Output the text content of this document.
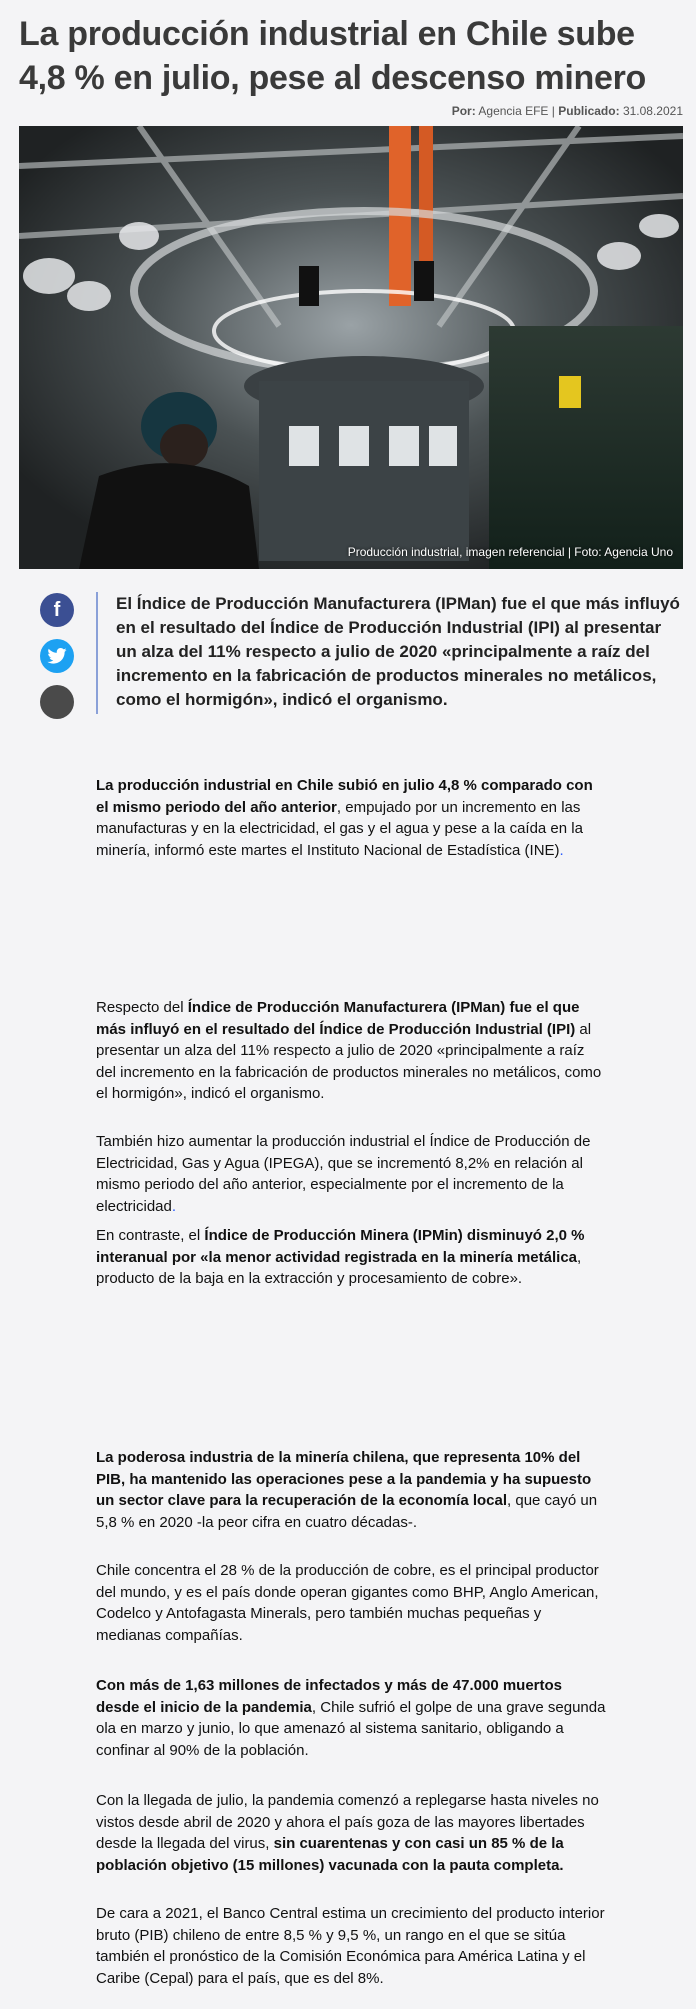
La producción industrial en Chile sube 4,8 % en julio, pese al descenso minero
Por: Agencia EFE | Publicado: 31.08.2021
Producción industrial, imagen referencial | Foto: Agencia Uno
f	El Índice de Producción Manufacturera (IPMan) fue el que más influyó en el resultado del Índice de Producción Industrial (IPI) al presentar un alza del 11% respecto a julio de 2020 «principalmente a raíz del incremento en la fabricación de productos minerales no metálicos, como el hormigón», indicó el organismo.

La producción industrial en Chile subió en julio 4,8 % comparado con el mismo periodo del año anterior, empujado por un incremento en las manufacturas y en la electricidad, el gas y el agua y pese a la caída en la minería, informó este martes el Instituto Nacional de Estadística (INE).

Respecto del Índice de Producción Manufacturera (IPMan) fue el que más influyó en el resultado del Índice de Producción Industrial (IPI) al presentar un alza del 11% respecto a julio de 2020 «principalmente a raíz del incremento en la fabricación de productos minerales no metálicos, como el hormigón», indicó el organismo.

También hizo aumentar la producción industrial el Índice de Producción de Electricidad, Gas y Agua (IPEGA), que se incrementó 8,2% en relación al mismo periodo del año anterior, especialmente por el incremento de la electricidad.

En contraste, el Índice de Producción Minera (IPMin) disminuyó 2,0 % interanual por «la menor actividad registrada en la minería metálica, producto de la baja en la extracción y procesamiento de cobre».

La poderosa industria de la minería chilena, que representa 10% del PIB, ha mantenido las operaciones pese a la pandemia y ha supuesto un sector clave para la recuperación de la economía local, que cayó un 5,8 % en 2020 -la peor cifra en cuatro décadas-.

Chile concentra el 28 % de la producción de cobre, es el principal productor del mundo, y es el país donde operan gigantes como BHP, Anglo American, Codelco y Antofagasta Minerals, pero también muchas pequeñas y medianas compañías.

Con más de 1,63 millones de infectados y más de 47.000 muertos desde el inicio de la pandemia, Chile sufrió el golpe de una grave segunda ola en marzo y junio, lo que amenazó al sistema sanitario, obligando a confinar al 90% de la población.

Con la llegada de julio, la pandemia comenzó a replegarse hasta niveles no vistos desde abril de 2020 y ahora el país goza de las mayores libertades desde la llegada del virus, sin cuarentenas y con casi un 85 % de la población objetivo (15 millones) vacunada con la pauta completa.

De cara a 2021, el Banco Central estima un crecimiento del producto interior bruto (PIB) chileno de entre 8,5 % y 9,5 %, un rango en el que se sitúa también el pronóstico de la Comisión Económica para América Latina y el Caribe (Cepal) para el país, que es del 8%.
